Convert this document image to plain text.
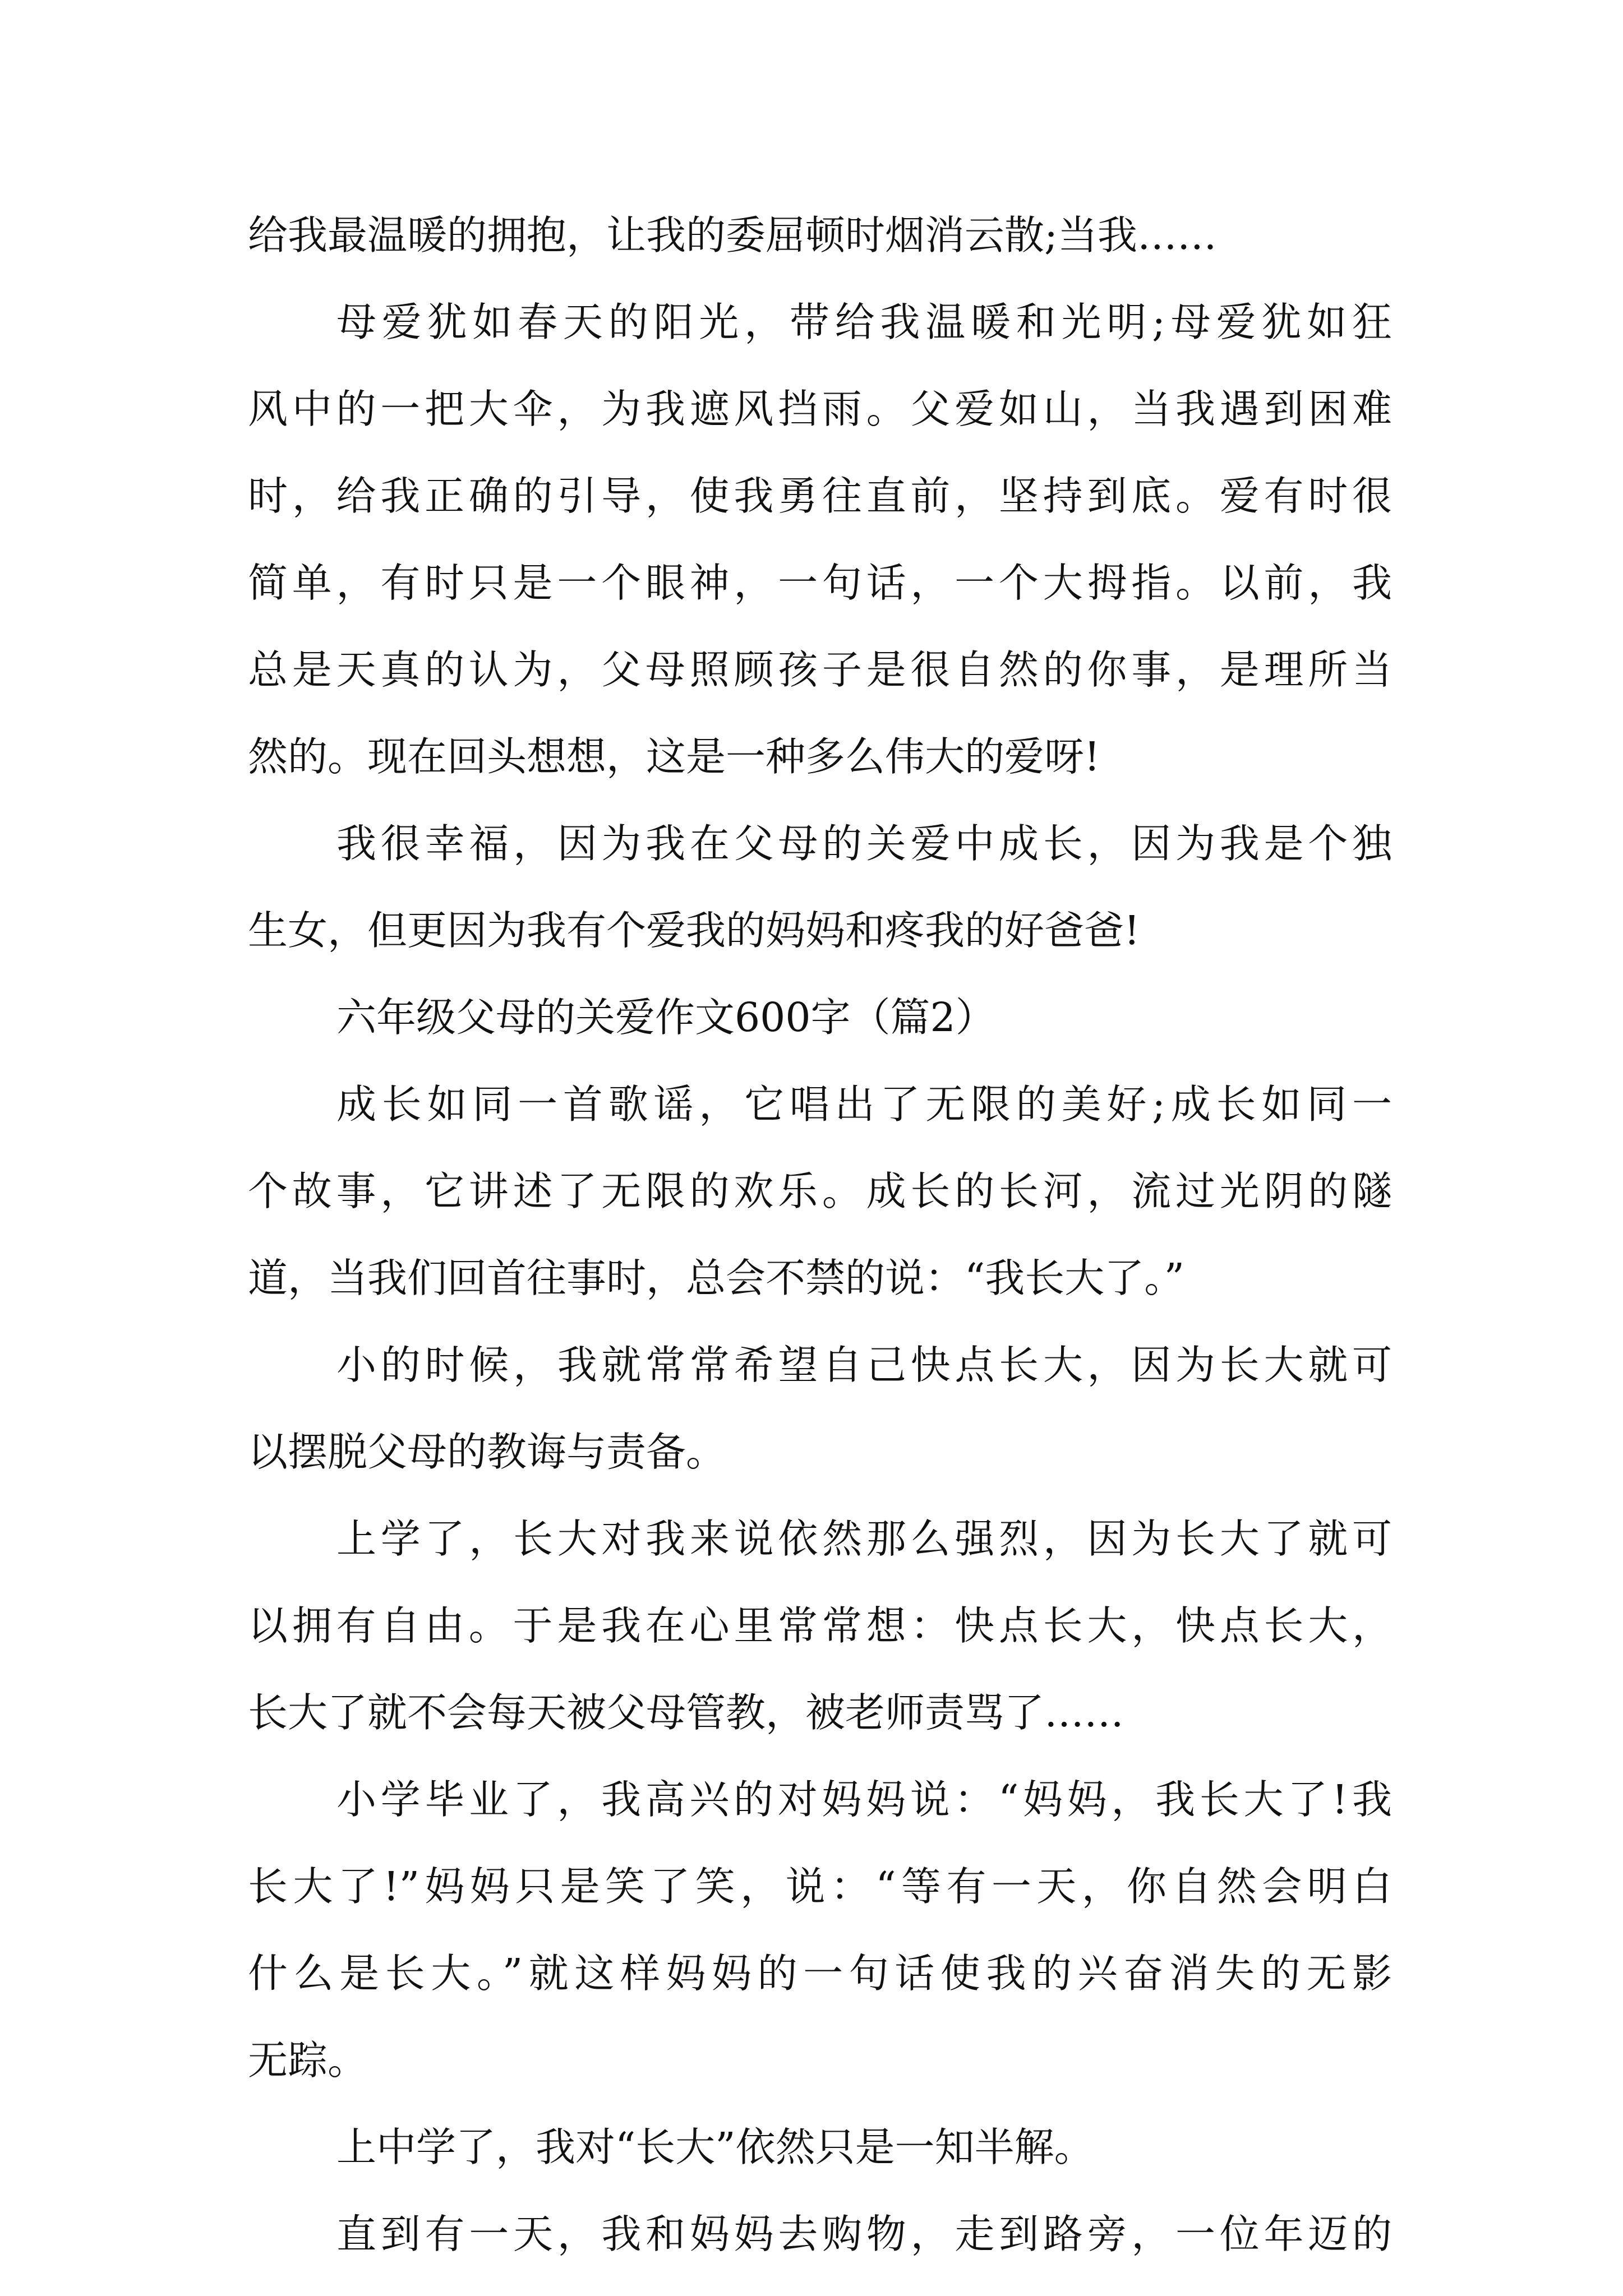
给我最温暖的拥抱，让我的委屈顿时烟消云散;当我……
母爱犹如春天的阳光，带给我温暖和光明;母爱犹如狂
风中的一把大伞，为我遮风挡雨。父爱如山，当我遇到困难
时，给我正确的引导，使我勇往直前，坚持到底。爱有时很
简单，有时只是一个眼神，一句话，一个大拇指。以前，我
总是天真的认为，父母照顾孩子是很自然的你事，是理所当
然的。现在回头想想，这是一种多么伟大的爱呀!
我很幸福，因为我在父母的关爱中成长，因为我是个独
生女，但更因为我有个爱我的妈妈和疼我的好爸爸!
六年级父母的关爱作文600字（篇2）
成长如同一首歌谣，它唱出了无限的美好;成长如同一
个故事，它讲述了无限的欢乐。成长的长河，流过光阴的隧
道，当我们回首往事时，总会不禁的说：“我长大了。”
小的时候，我就常常希望自己快点长大，因为长大就可
以摆脱父母的教诲与责备。
上学了，长大对我来说依然那么强烈，因为长大了就可
以拥有自由。于是我在心里常常想：快点长大，快点长大，
长大了就不会每天被父母管教，被老师责骂了……
小学毕业了，我高兴的对妈妈说：“妈妈，我长大了!我
长大了!”妈妈只是笑了笑，说：“等有一天，你自然会明白
什么是长大。”就这样妈妈的一句话使我的兴奋消失的无影
无踪。
上中学了，我对“长大”依然只是一知半解。
直到有一天，我和妈妈去购物，走到路旁，一位年迈的
